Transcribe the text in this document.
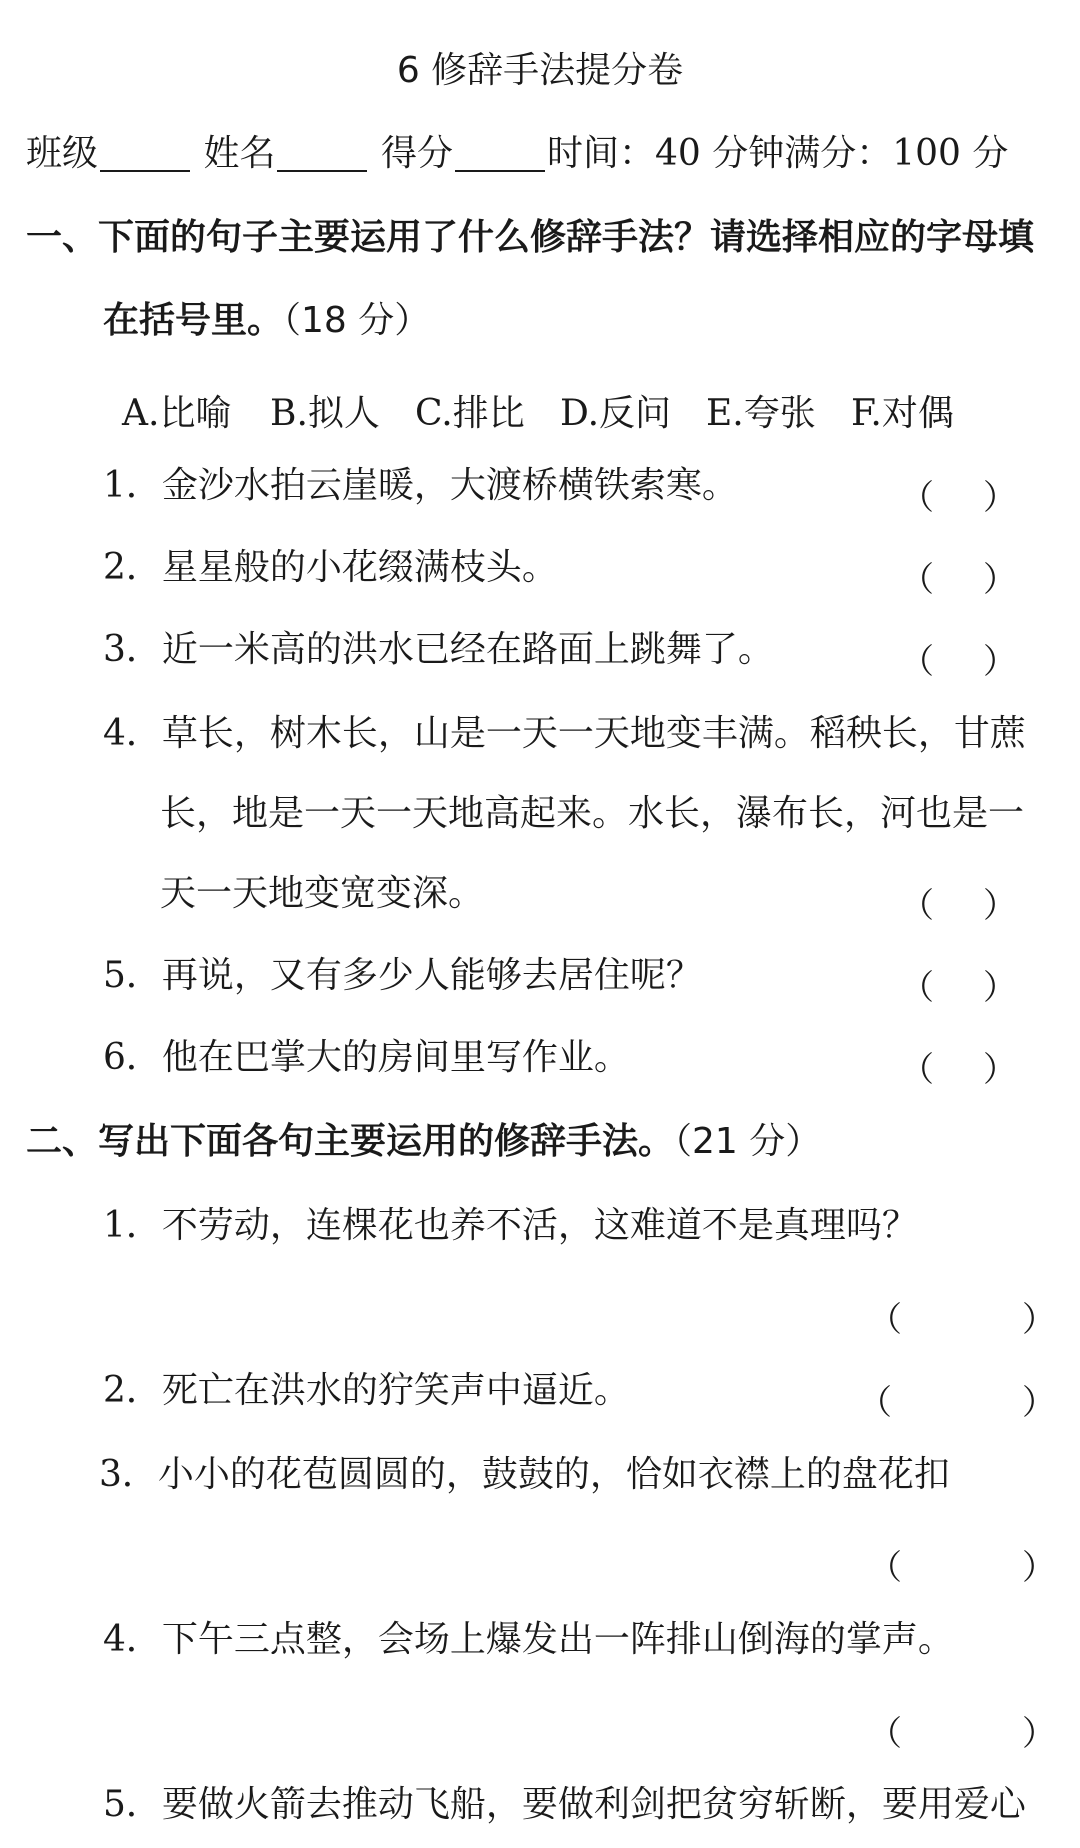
6 修辞手法提分卷
班级	姓名	得分	时间：40 分钟满分：100 分
一、下面的句子主要运用了什么修辞手法？请选择相应的字母填
在括号里。（18 分）
A.比喻 B.拟人 C.排比 D.反问 E.夸张 F.对偶
1．金沙水拍云崖暖，大渡桥横铁索寒。	（ ）
2．星星般的小花缀满枝头。	（ ）
3．近一米高的洪水已经在路面上跳舞了。	（ ）
4．草长，树木长，山是一天一天地变丰满。稻秧长，甘蔗
长，地是一天一天地高起来。水长，瀑布长，河也是一
天一天地变宽变深。	（ ）
5．再说，又有多少人能够去居住呢？	（ ）
6．他在巴掌大的房间里写作业。	（ ）
二、写出下面各句主要运用的修辞手法。（21 分）
1．不劳动，连棵花也养不活，这难道不是真理吗？
（	）
2．死亡在洪水的狞笑声中逼近。	（	）
3．小小的花苞圆圆的，鼓鼓的，恰如衣襟上的盘花扣
（	）
4．下午三点整，会场上爆发出一阵排山倒海的掌声。
（	）
5．要做火箭去推动飞船，要做利剑把贫穷斩断，要用爱心
